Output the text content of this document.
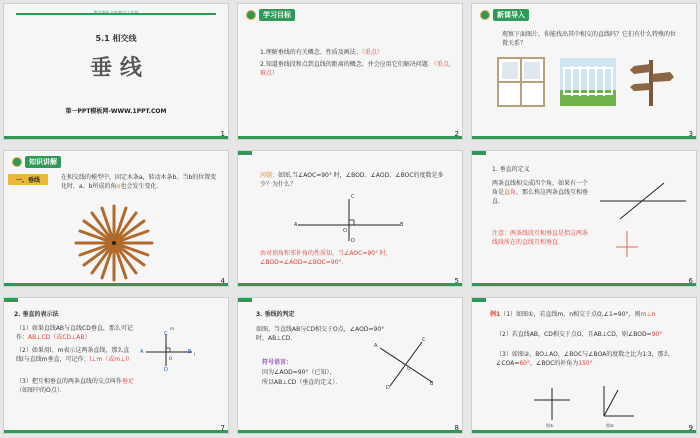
教学课件 初中数学七年级
5.1 相交线
垂 线
第一PPT模板网-WWW.1PPT.COM
1
学习目标
1.理解垂线的有关概念、性质及画法；（重点）
2.知道垂线段和点到直线的距离的概念，并会应用它们解决问题．（重点，难点）
2
新课导入
观察下面图片，你能找出其中相交的直线吗？它们有什么特殊的位置关系？
3
知识讲解
一、垂线	在相交线的模型中，固定木条a，转动木条b。当b的位置变化时，a、b所成的角α也会发生变化.
4
问题：如图,当∠AOC=90° 时，∠BOD、∠AOD、∠BOC的度数是多少？为什么？
A	B
C
D
O
由对顶角和邻补角的性质知，当∠AOC=90° 时，
∠BOD=∠AOD=∠BOC=90°．
5
1. 垂直的定义
两条直线相交成四个角，如果有一个角是直角，那么称这两条直线互相垂直．
注意：两条线段互相垂直是指这两条线段所在的直线互相垂直．
6
2. 垂直的表示法
（1）如果直线AB与直线CD垂直，那么可记作：AB⊥CD（或CD⊥AB）
（2）如果用l、m表示这两条直线，那么直线l与直线m垂直，可记作：l⊥m（或m⊥l）
（3）把互相垂直的两条直线的交点叫作垂足（如图中的O点）．
C
A	B
D
O
m
l
7
3. 垂线的判定
如图，当直线AB与CD相交于O点，∠AOD=90°时，AB⊥CD．
符号语言：
因为∠AOD=90°（已知），
所以AB⊥CD（垂直的定义）．
A
C
D
B
O
8
例1（1）如图①，若直线m、n相交于点O,∠1=90°，则m⊥n
（2）若直线AB，CD相交于点O，且AB⊥CD，则∠BOD=90°
（3）如图②，BO⊥AO，∠BOC与∠BOA的度数之比为1∶3，那么∠COA=60°，∠BOC的补角为150°
图①	图②	9
